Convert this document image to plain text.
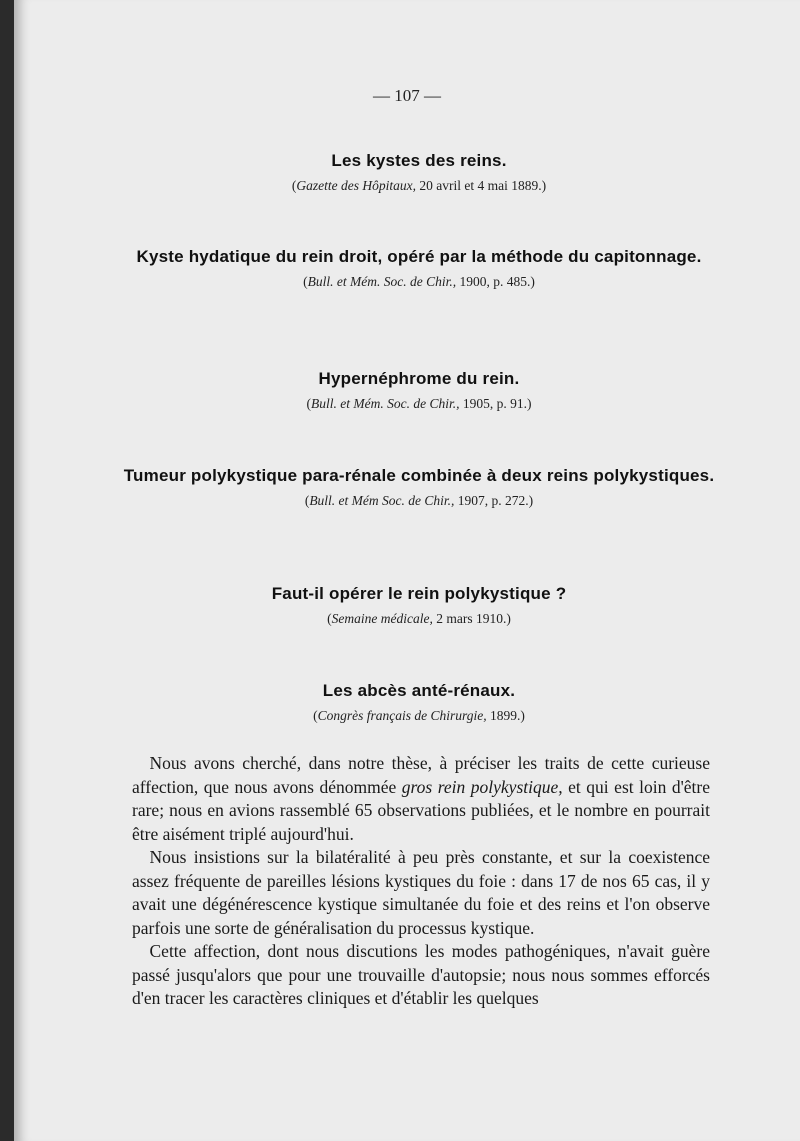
— 107 —
Les kystes des reins.
(Gazette des Hôpitaux, 20 avril et 4 mai 1889.)
Kyste hydatique du rein droit, opéré par la méthode du capitonnage.
(Bull. et Mém. Soc. de Chir., 1900, p. 485.)
Hypernéphrome du rein.
(Bull. et Mém. Soc. de Chir., 1905, p. 91.)
Tumeur polykystique para-rénale combinée à deux reins polykystiques.
(Bull. et Mém Soc. de Chir., 1907, p. 272.)
Faut-il opérer le rein polykystique ?
(Semaine médicale, 2 mars 1910.)
Les abcès anté-rénaux.
(Congrès français de Chirurgie, 1899.)

 Nous avons cherché, dans notre thèse, à préciser les traits de cette curieuse affection, que nous avons dénommée gros rein polykystique, et qui est loin d'être rare; nous en avions rassemblé 65 observations publiées, et le nombre en pourrait être aisément triplé aujourd'hui.

 Nous insistions sur la bilatéralité à peu près constante, et sur la coexistence assez fréquente de pareilles lésions kystiques du foie : dans 17 de nos 65 cas, il y avait une dégénérescence kystique simultanée du foie et des reins et l'on observe parfois une sorte de généralisation du processus kystique.

 Cette affection, dont nous discutions les modes pathogéniques, n'avait guère passé jusqu'alors que pour une trouvaille d'autopsie; nous nous sommes efforcés d'en tracer les caractères cliniques et d'établir les quelques
